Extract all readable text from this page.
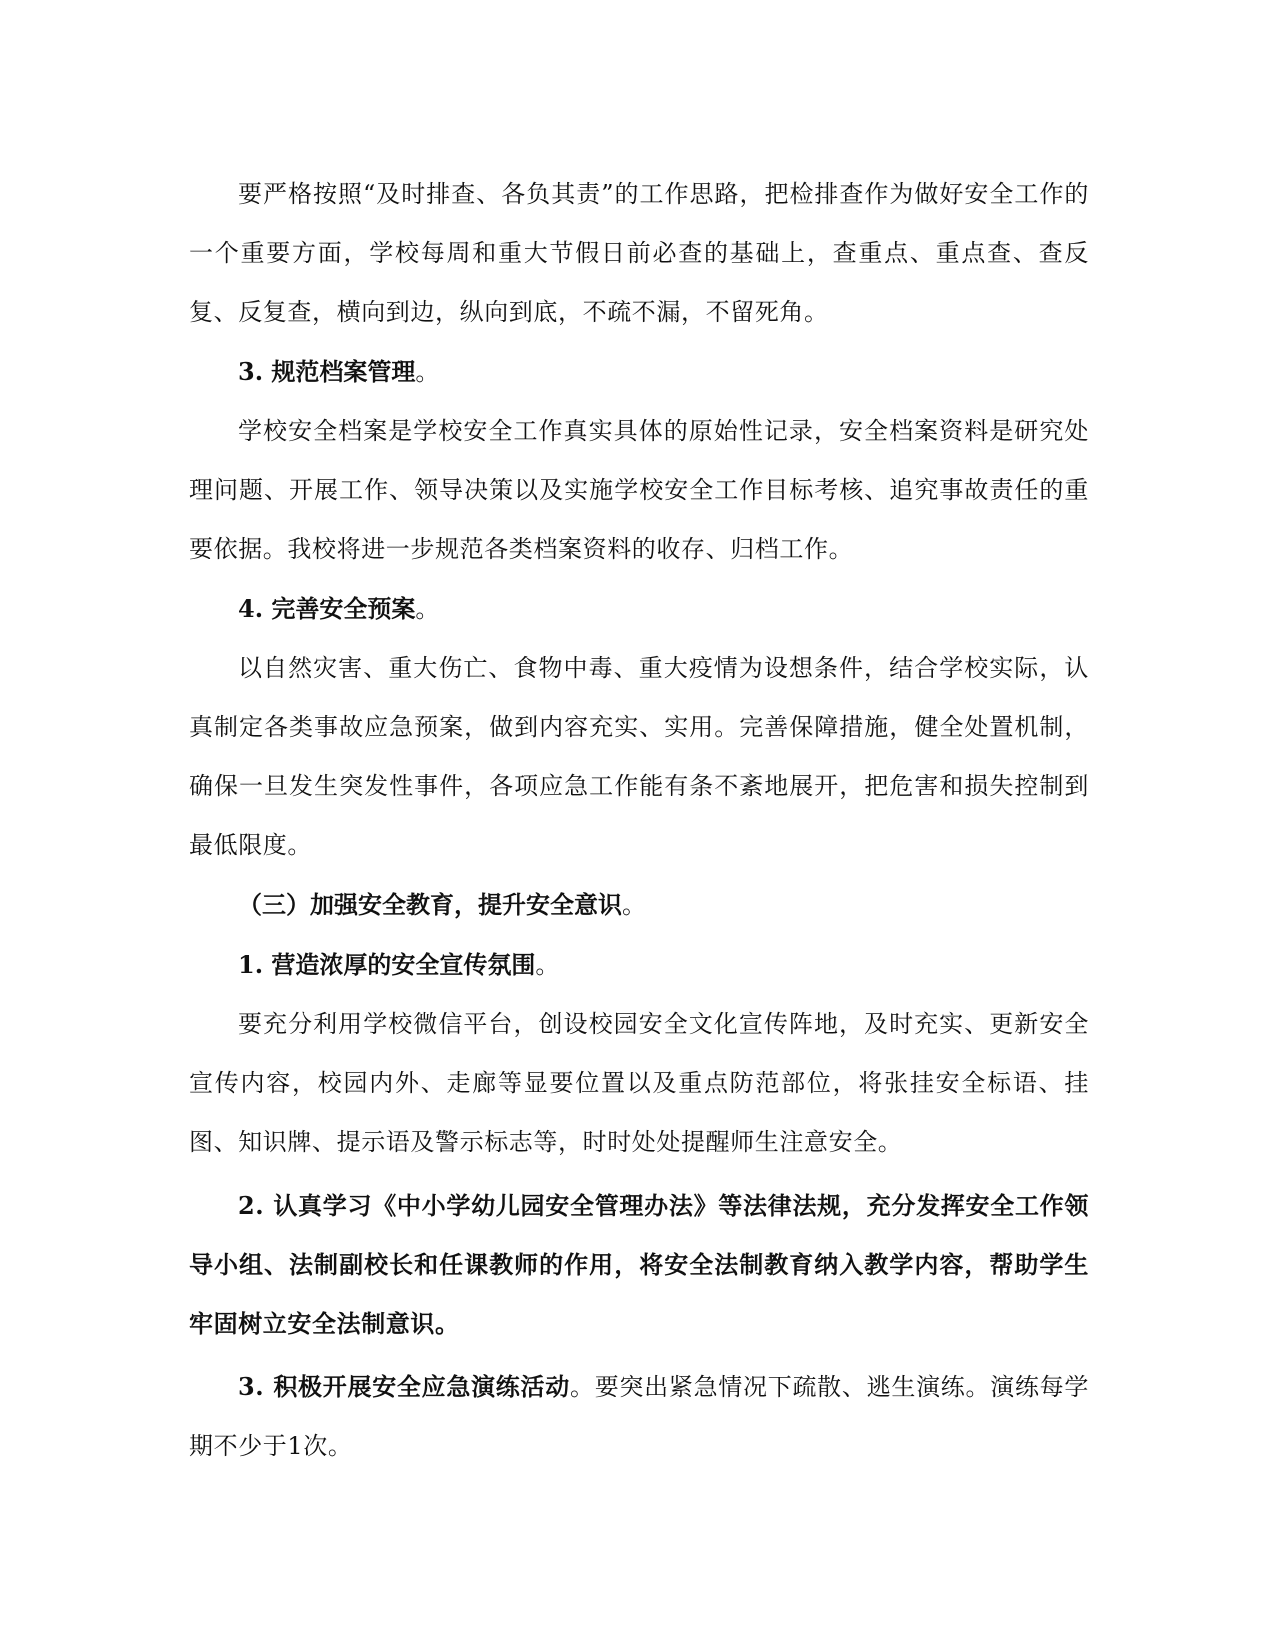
要严格按照“及时排查、各负其责”的工作思路，把检排查作为做好安全工作的一个重要方面，学校每周和重大节假日前必查的基础上，查重点、重点查、查反复、反复查，横向到边，纵向到底，不疏不漏，不留死角。

3. 规范档案管理。

学校安全档案是学校安全工作真实具体的原始性记录，安全档案资料是研究处理问题、开展工作、领导决策以及实施学校安全工作目标考核、追究事故责任的重要依据。我校将进一步规范各类档案资料的收存、归档工作。

4. 完善安全预案。

以自然灾害、重大伤亡、食物中毒、重大疫情为设想条件，结合学校实际，认真制定各类事故应急预案，做到内容充实、实用。完善保障措施，健全处置机制，确保一旦发生突发性事件，各项应急工作能有条不紊地展开，把危害和损失控制到最低限度。

（三）加强安全教育，提升安全意识。

1. 营造浓厚的安全宣传氛围。

要充分利用学校微信平台，创设校园安全文化宣传阵地，及时充实、更新安全宣传内容，校园内外、走廊等显要位置以及重点防范部位，将张挂安全标语、挂图、知识牌、提示语及警示标志等，时时处处提醒师生注意安全。

2. 认真学习《中小学幼儿园安全管理办法》等法律法规，充分发挥安全工作领导小组、法制副校长和任课教师的作用，将安全法制教育纳入教学内容，帮助学生牢固树立安全法制意识。

3. 积极开展安全应急演练活动。要突出紧急情况下疏散、逃生演练。演练每学期不少于1次。
